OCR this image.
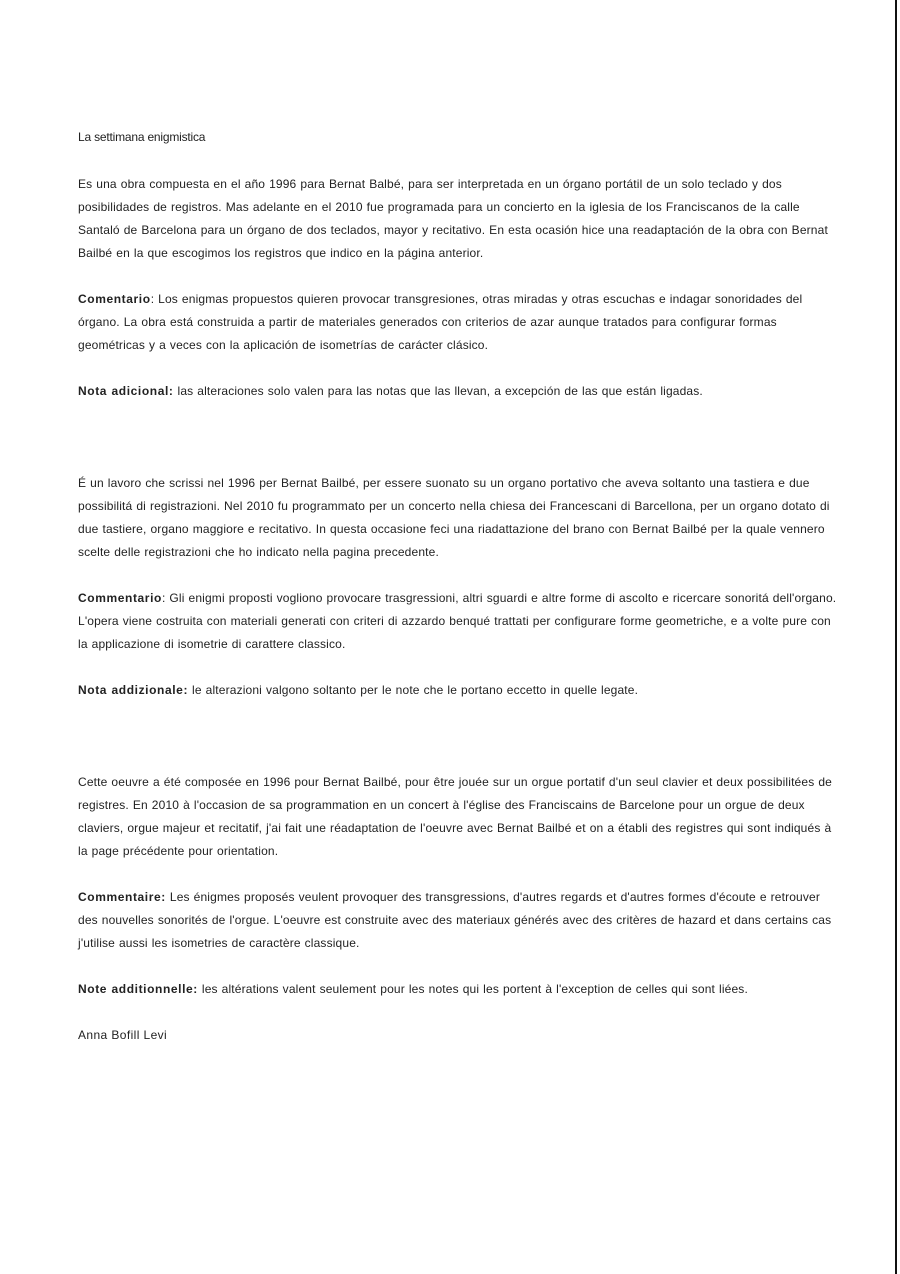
La settimana enigmistica

Es una obra compuesta en el año 1996 para Bernat Balbé, para ser interpretada en un órgano portátil de un solo teclado y dos posibilidades de registros. Mas adelante en el 2010 fue programada para un concierto en la iglesia de los Franciscanos de la calle Santaló de Barcelona para un órgano de dos teclados, mayor y recitativo. En esta ocasión hice una readaptación de la obra con Bernat Bailbé en la que escogimos los registros que indico en la página anterior.

Comentario: Los enigmas propuestos quieren provocar transgresiones, otras miradas y otras escuchas e indagar sonoridades del órgano. La obra está construida a partir de materiales generados con criterios de azar aunque tratados para configurar formas geométricas y a veces con la aplicación de isometrías de carácter clásico.

Nota adicional: las alteraciones solo valen para las notas que las llevan, a excepción de las que están ligadas.

É un lavoro che scrissi nel 1996 per Bernat Bailbé, per essere suonato su un organo portativo che aveva soltanto una tastiera e due possibilitá di registrazioni. Nel 2010 fu programmato per un concerto nella chiesa dei Francescani di Barcellona, per un organo dotato di due tastiere, organo maggiore e recitativo. In questa occasione feci una riadattazione del brano con Bernat Bailbé per la quale vennero scelte delle registrazioni che ho indicato nella pagina precedente.

Commentario: Gli enigmi proposti vogliono provocare trasgressioni, altri sguardi e altre forme di ascolto e ricercare sonoritá dell'organo. L'opera viene costruita con materiali generati con criteri di azzardo benqué trattati per configurare forme geometriche, e a volte pure con la applicazione di isometrie di carattere classico.

Nota addizionale: le alterazioni valgono soltanto per le note che le portano eccetto in quelle legate.

Cette oeuvre a été composée en 1996 pour Bernat Bailbé, pour être jouée sur un orgue portatif d'un seul clavier et deux possibilitées de registres. En 2010 à l'occasion de sa programmation en un concert à l'église des Franciscains de Barcelone pour un orgue de deux claviers, orgue majeur et recitatif, j'ai fait une réadaptation de l'oeuvre avec Bernat Bailbé et on a établi des registres qui sont indiqués à la page précédente pour orientation.

Commentaire: Les énigmes proposés veulent provoquer des transgressions, d'autres regards et d'autres formes d'écoute e retrouver des nouvelles sonorités de l'orgue. L'oeuvre est construite avec des materiaux générés avec des critères de hazard et dans certains cas j'utilise aussi les isometries de caractère classique.

Note additionnelle: les altérations valent seulement pour les notes qui les portent à l'exception de celles qui sont liées.

Anna Bofill Levi
